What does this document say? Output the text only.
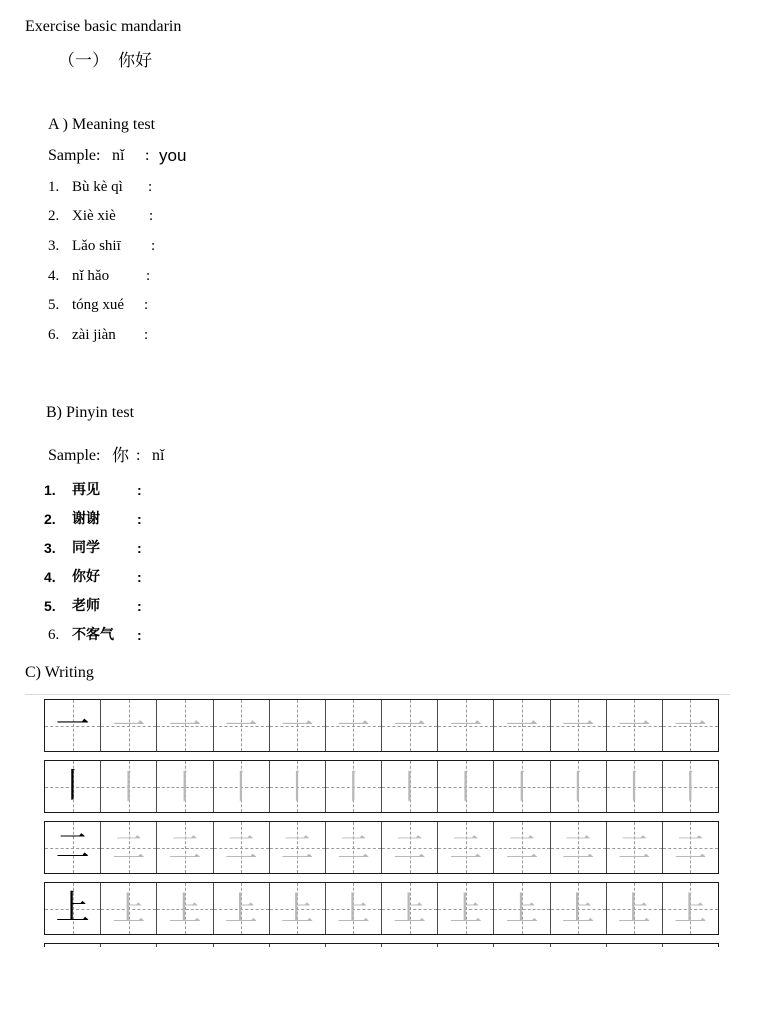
Exercise basic mandarin
（一） 你好
A ) Meaning test
Sample: nǐ : you
1. Bù kè qì :
2. Xiè xiè :
3. Lǎo shiī :
4. nǐ hǎo :
5. tóng xué :
6. zài jiàn :
B) Pinyin test
Sample: 你 : nǐ
1. 再见	:
2. 谢谢	:
3. 同学	:
4. 你好	:
5. 老师	:
6. 不客气 :
C) Writing
一 一 一 一 一 一 一 一 一 一 一 一
丨 丨 丨 丨 丨 丨 丨 丨 丨 丨 丨 丨
二 二 二 二 二 二 二 二 二 二 二 二
上 上 上 上 上 上 上 上 上 上 上 上
